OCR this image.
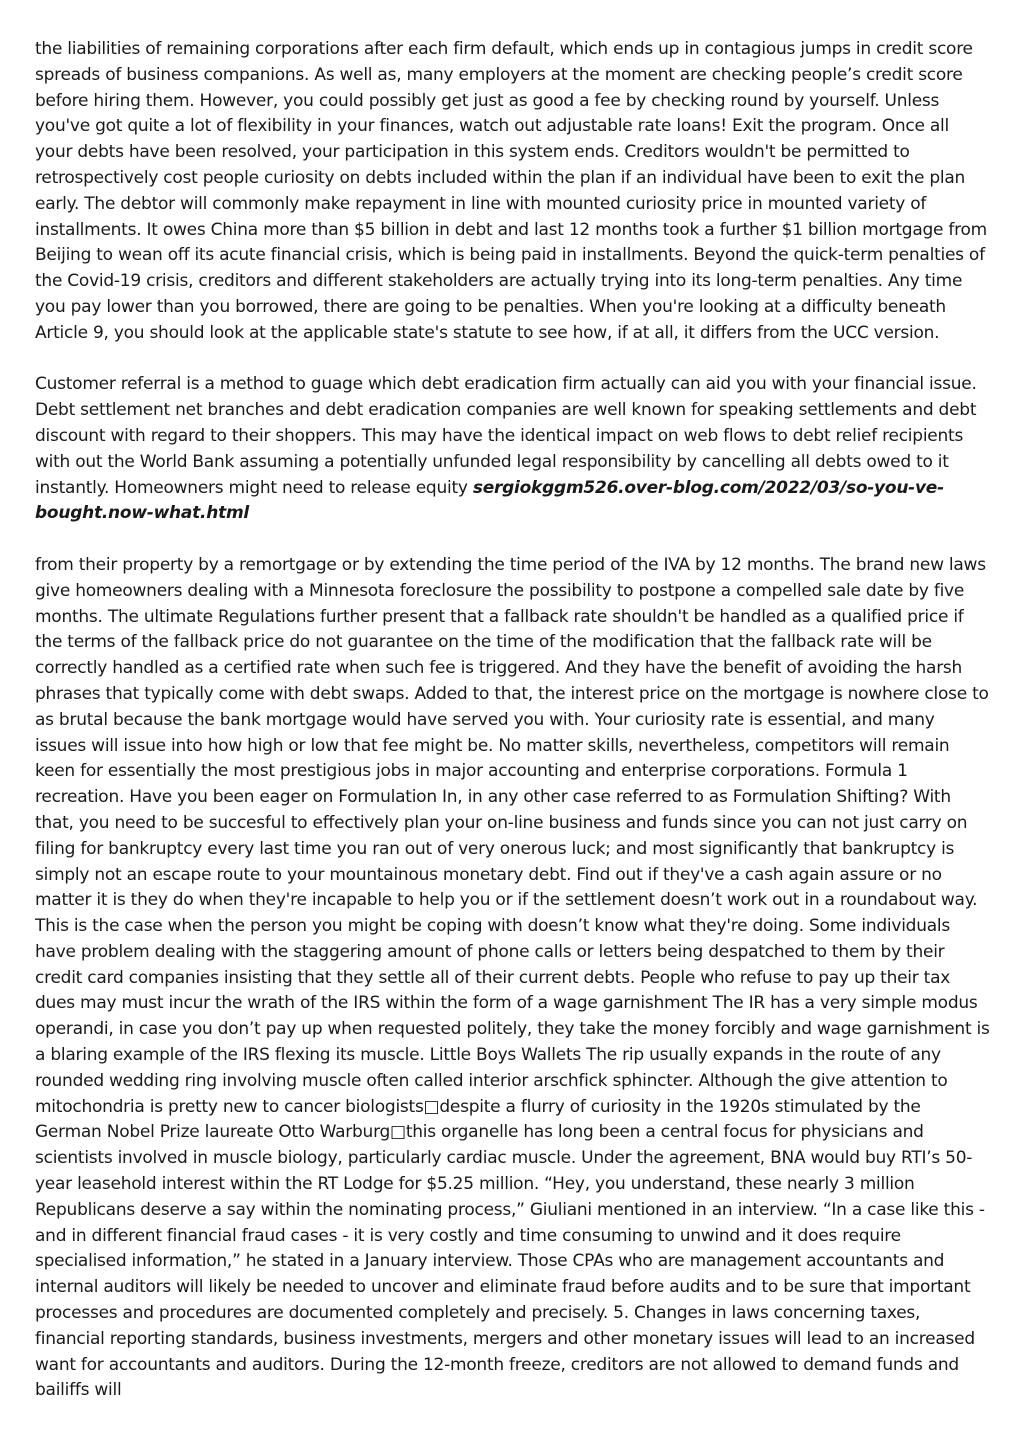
the liabilities of remaining corporations after each firm default, which ends up in contagious jumps in credit score spreads of business companions. As well as, many employers at the moment are checking people’s credit score before hiring them. However, you could possibly get just as good a fee by checking round by yourself. Unless you've got quite a lot of flexibility in your finances, watch out adjustable rate loans! Exit the program. Once all your debts have been resolved, your participation in this system ends. Creditors wouldn't be permitted to retrospectively cost people curiosity on debts included within the plan if an individual have been to exit the plan early. The debtor will commonly make repayment in line with mounted curiosity price in mounted variety of installments. It owes China more than $5 billion in debt and last 12 months took a further $1 billion mortgage from Beijing to wean off its acute financial crisis, which is being paid in installments. Beyond the quick-term penalties of the Covid-19 crisis, creditors and different stakeholders are actually trying into its long-term penalties. Any time you pay lower than you borrowed, there are going to be penalties. When you're looking at a difficulty beneath Article 9, you should look at the applicable state's statute to see how, if at all, it differs from the UCC version.

Customer referral is a method to guage which debt eradication firm actually can aid you with your financial issue. Debt settlement net branches and debt eradication companies are well known for speaking settlements and debt discount with regard to their shoppers. This may have the identical impact on web flows to debt relief recipients with out the World Bank assuming a potentially unfunded legal responsibility by cancelling all debts owed to it instantly. Homeowners might need to release equity sergiokggm526.over-blog.com/2022/03/so-you-ve-bought.now-what.html

from their property by a remortgage or by extending the time period of the IVA by 12 months. The brand new laws give homeowners dealing with a Minnesota foreclosure the possibility to postpone a compelled sale date by five months. The ultimate Regulations further present that a fallback rate shouldn't be handled as a qualified price if the terms of the fallback price do not guarantee on the time of the modification that the fallback rate will be correctly handled as a certified rate when such fee is triggered. And they have the benefit of avoiding the harsh phrases that typically come with debt swaps. Added to that, the interest price on the mortgage is nowhere close to as brutal because the bank mortgage would have served you with. Your curiosity rate is essential, and many issues will issue into how high or low that fee might be. No matter skills, nevertheless, competitors will remain keen for essentially the most prestigious jobs in major accounting and enterprise corporations. Formula 1 recreation. Have you been eager on Formulation In, in any other case referred to as Formulation Shifting? With that, you need to be succesful to effectively plan your on-line business and funds since you can not just carry on filing for bankruptcy every last time you ran out of very onerous luck; and most significantly that bankruptcy is simply not an escape route to your mountainous monetary debt. Find out if they've a cash again assure or no matter it is they do when they're incapable to help you or if the settlement doesn’t work out in a roundabout way. This is the case when the person you might be coping with doesn’t know what they're doing. Some individuals have problem dealing with the staggering amount of phone calls or letters being despatched to them by their credit card companies insisting that they settle all of their current debts. People who refuse to pay up their tax dues may must incur the wrath of the IRS within the form of a wage garnishment The IR has a very simple modus operandi, in case you don’t pay up when requested politely, they take the money forcibly and wage garnishment is a blaring example of the IRS flexing its muscle. Little Boys Wallets The rip usually expands in the route of any rounded wedding ring involving muscle often called interior arschfick sphincter. Although the give attention to mitochondria is pretty new to cancer biologists□despite a flurry of curiosity in the 1920s stimulated by the German Nobel Prize laureate Otto Warburg□this organelle has long been a central focus for physicians and scientists involved in muscle biology, particularly cardiac muscle. Under the agreement, BNA would buy RTI’s 50-year leasehold interest within the RT Lodge for $5.25 million. “Hey, you understand, these nearly 3 million Republicans deserve a say within the nominating process,” Giuliani mentioned in an interview. “In a case like this - and in different financial fraud cases - it is very costly and time consuming to unwind and it does require specialised information,” he stated in a January interview. Those CPAs who are management accountants and internal auditors will likely be needed to uncover and eliminate fraud before audits and to be sure that important processes and procedures are documented completely and precisely. 5. Changes in laws concerning taxes, financial reporting standards, business investments, mergers and other monetary issues will lead to an increased want for accountants and auditors. During the 12-month freeze, creditors are not allowed to demand funds and bailiffs will
